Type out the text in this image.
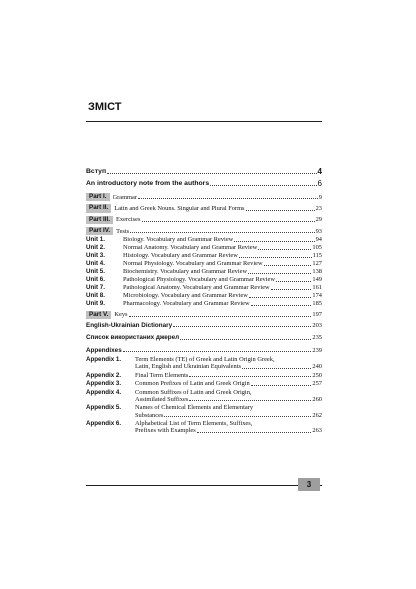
ЗМІСТ
Вступ	4
An introductory note from the authors	6
Part I. Grammar	9
Part II. Latin and Greek Nouns. Singular and Plural Forms	23
Part III. Exercises	29
Part IV. Tests	93
Unit 1.	Biology. Vocabulary and Grammar Review	94
Unit 2.	Normal Anatomy. Vocabulary and Grammar Review	105
Unit 3.	Histology. Vocabulary and Grammar Review	115
Unit 4.	Normal Physiology. Vocabulary and Grammar Review	127
Unit 5.	Biochemistry. Vocabulary and Grammar Review	138
Unit 6.	Pathological Physiology. Vocabulary and Grammar Review	149
Unit 7.	Pathological Anatomy. Vocabulary and Grammar Review	161
Unit 8.	Microbiology. Vocabulary and Grammar Review	174
Unit 9.	Pharmacology. Vocabulary and Grammar Review	185
Part V. Keys	197
English-Ukrainian Dictionary	203
Список використаних джерел	235
Appendixes	239
Appendix 1.	Term Elements (TE) of Greek and Latin Origin Greek,
Latin, English and Ukrainian Equivalents	240
Appendix 2.	Final Term Elements	250
Appendix 3.	Common Prefixes of Latin and Greek Origin	257
Appendix 4.	Common Suffixes of Latin and Greek Origin,
Assimilated Suffixes	260
Appendix 5.	Names of Chemical Elements and Elementary
Substances	262
Appendix 6.	Alphabetical List of Term Elements, Suffixes,
Prefixes with Examples	263
3
